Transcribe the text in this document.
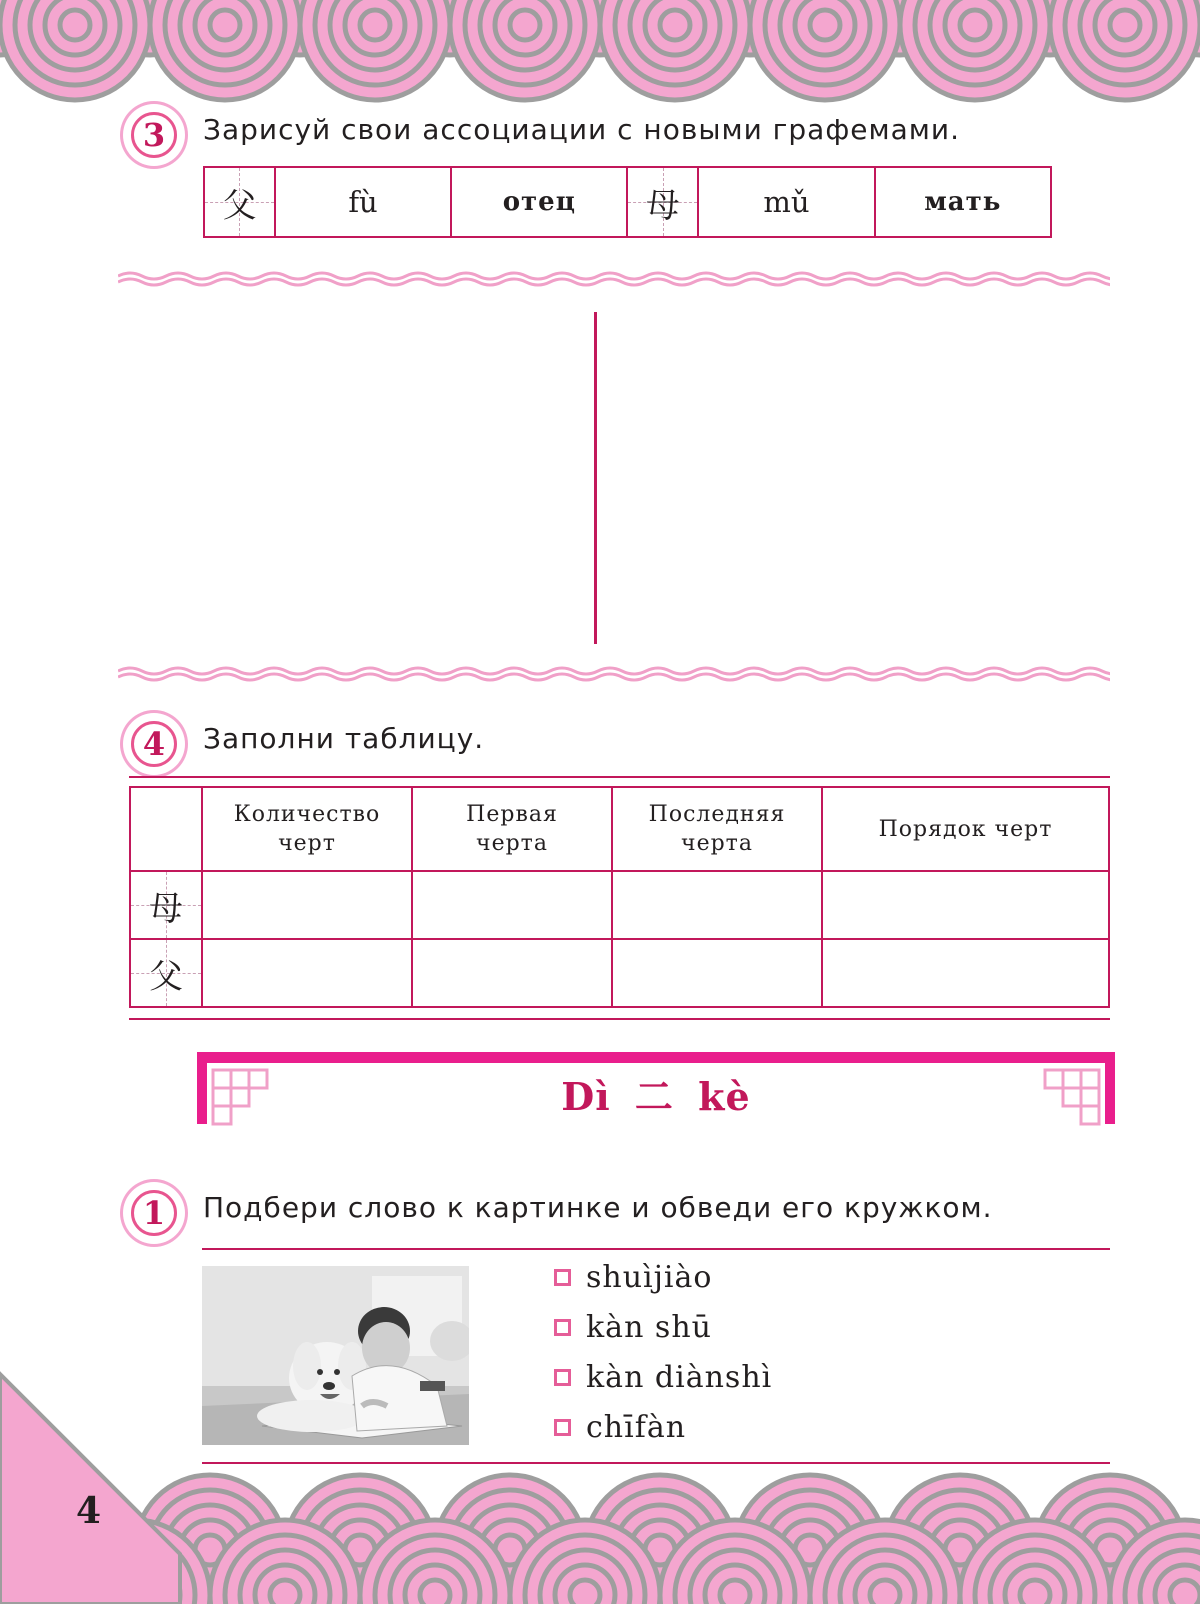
3	Зарисуй свои ассоциации с новыми графемами.
父	fù	отец	母	mǔ	мать
4	Заполни таблицу.
	Количество черт	Первая черта	Последняя черта	Порядок черт
母				
父				
Dì 二 kè
1	Подбери слово к картинке и обведи его кружком.
shuìjiào
kàn shū
kàn diànshì
chīfàn
4
